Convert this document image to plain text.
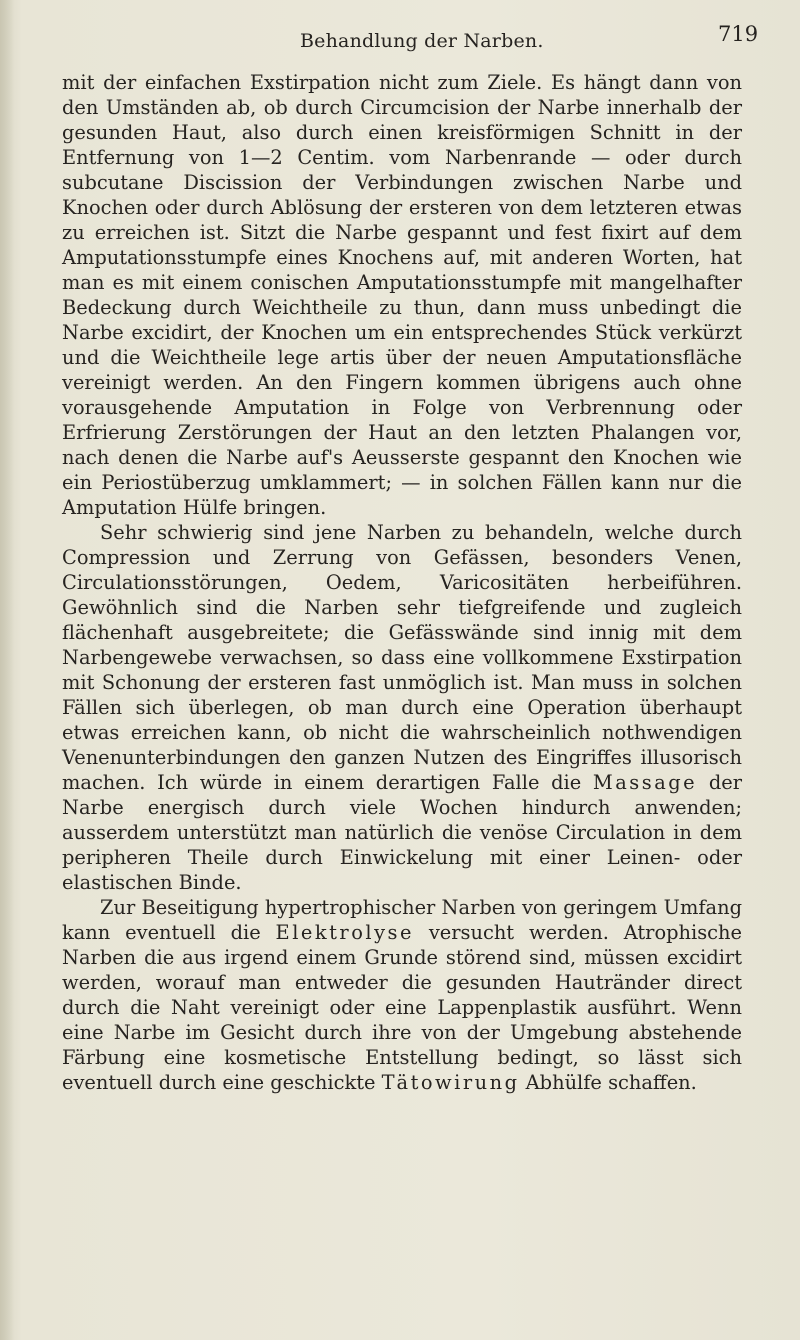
Behandlung der Narben.	719

mit der einfachen Exstirpation nicht zum Ziele. Es hängt dann von den Umständen ab, ob durch Circumcision der Narbe innerhalb der gesunden Haut, also durch einen kreisförmigen Schnitt in der Entfernung von 1—2 Centim. vom Narbenrande — oder durch subcutane Discission der Verbindungen zwischen Narbe und Knochen oder durch Ablösung der ersteren von dem letzteren etwas zu erreichen ist. Sitzt die Narbe gespannt und fest fixirt auf dem Amputationsstumpfe eines Knochens auf, mit anderen Worten, hat man es mit einem conischen Amputationsstumpfe mit mangelhafter Bedeckung durch Weichtheile zu thun, dann muss unbedingt die Narbe excidirt, der Knochen um ein entsprechendes Stück verkürzt und die Weichtheile lege artis über der neuen Amputationsfläche vereinigt werden. An den Fingern kommen übrigens auch ohne vorausgehende Amputation in Folge von Verbrennung oder Erfrierung Zerstörungen der Haut an den letzten Phalangen vor, nach denen die Narbe auf's Aeusserste gespannt den Knochen wie ein Periostüberzug umklammert; — in solchen Fällen kann nur die Amputation Hülfe bringen.

Sehr schwierig sind jene Narben zu behandeln, welche durch Compression und Zerrung von Gefässen, besonders Venen, Circulationsstörungen, Oedem, Varicositäten herbeiführen. Gewöhnlich sind die Narben sehr tiefgreifende und zugleich flächenhaft ausgebreitete; die Gefässwände sind innig mit dem Narbengewebe verwachsen, so dass eine vollkommene Exstirpation mit Schonung der ersteren fast unmöglich ist. Man muss in solchen Fällen sich überlegen, ob man durch eine Operation überhaupt etwas erreichen kann, ob nicht die wahrscheinlich nothwendigen Venenunterbindungen den ganzen Nutzen des Eingriffes illusorisch machen. Ich würde in einem derartigen Falle die Massage der Narbe energisch durch viele Wochen hindurch anwenden; ausserdem unterstützt man natürlich die venöse Circulation in dem peripheren Theile durch Einwickelung mit einer Leinen- oder elastischen Binde.

Zur Beseitigung hypertrophischer Narben von geringem Umfang kann eventuell die Elektrolyse versucht werden. Atrophische Narben die aus irgend einem Grunde störend sind, müssen excidirt werden, worauf man entweder die gesunden Hautränder direct durch die Naht vereinigt oder eine Lappenplastik ausführt. Wenn eine Narbe im Gesicht durch ihre von der Umgebung abstehende Färbung eine kosmetische Entstellung bedingt, so lässt sich eventuell durch eine geschickte Tätowirung Abhülfe schaffen.
